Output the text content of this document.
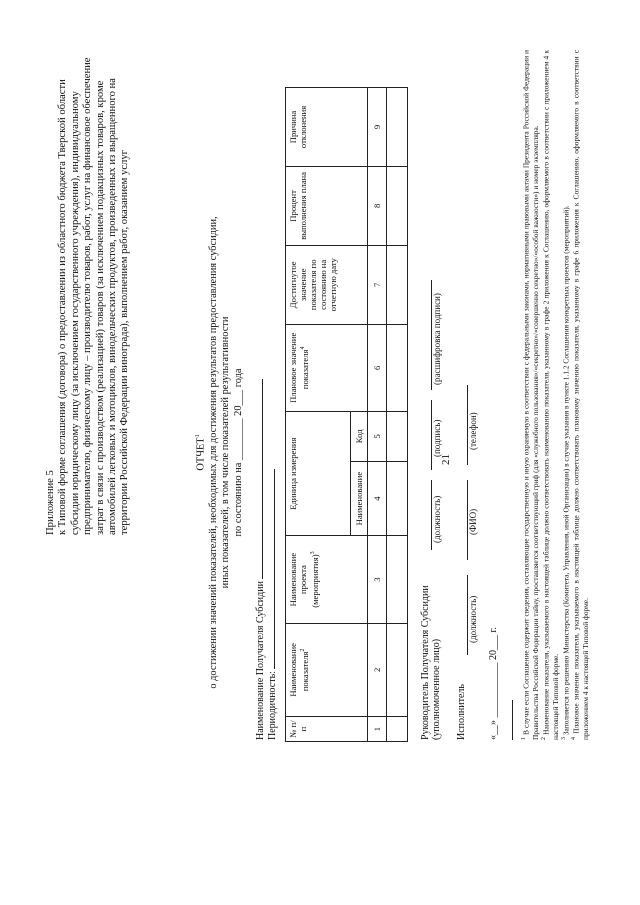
21
Приложение 5 к Типовой форме соглашения (договора) о предоставлении из областного бюджета Тверской области субсидии юридическому лицу (за исключением государственного учреждения), индивидуальному предпринимателю, физическому лицу – производителю товаров, работ, услуг на финансовое обеспечение затрат в связи с производством (реализацией) товаров (за исключением подакцизных товаров, кроме автомобилей легковых и мотоциклов, винодельческих продуктов, произведенных из выращенного на территории Российской Федерации винограда), выполнением работ, оказанием услуг	ОТЧЕТ$^1$ о достижении значений показателей, необходимых для достижения результатов предоставления субсидии, иных показателей, в том числе показателей результативности по состоянию на ________ 20___ года
Наименование Получателя Субсидии Периодичность: № п/п	Наименование показателя$^2$	Наименование проекта (мероприятия)$^3$	Единица измерения		Плановое значение показателя$^4$	Достигнутое значение показателя по состоянию на отчетную дату	Процент выполнения плана	Причина отклонения
			Наименование	Код				
1	2	3	4	5	6	7	8	9

Руководитель Получателя Субсидии (уполномоченное лицо)
(должность)
(подпись)
(расшифровка подписи)
Исполнитель
(должность)
(ФИО)
(телефон)
«__» ___________ 20___ г.	$^1$ В случае если Соглашение содержит сведения, составляющие государственную и иную охраняемую в соответствии с федеральными законами, нормативными правовыми актами Президента Российской Федерации и Правительства Российской Федерации тайну, проставляется соответствующий гриф (для «служебного пользования»/«секретно»/«совершенно секретно»/«особой важности») и номер экземпляра. $^2$ Наименование показателя, указываемого в настоящей таблице должно соответствовать наименованию показателя, указанному в графе 2 приложения к Соглашению, оформляемого в соответствии с приложением 4 к настоящей Типовой форме. $^3$ Заполняется по решению Министерства (Комитета, Управления, иной Организации) в случае указания в пункте 1.1.2 Соглашения конкретных проектов (мероприятий).
$^4$ Плановое значение показателя, указываемого в настоящей таблице должно соответствовать плановому значению показателя, указанному в графе 6 приложения к Соглашению, оформляемого в соответствии с приложением 4 к настоящей Типовой форме.
